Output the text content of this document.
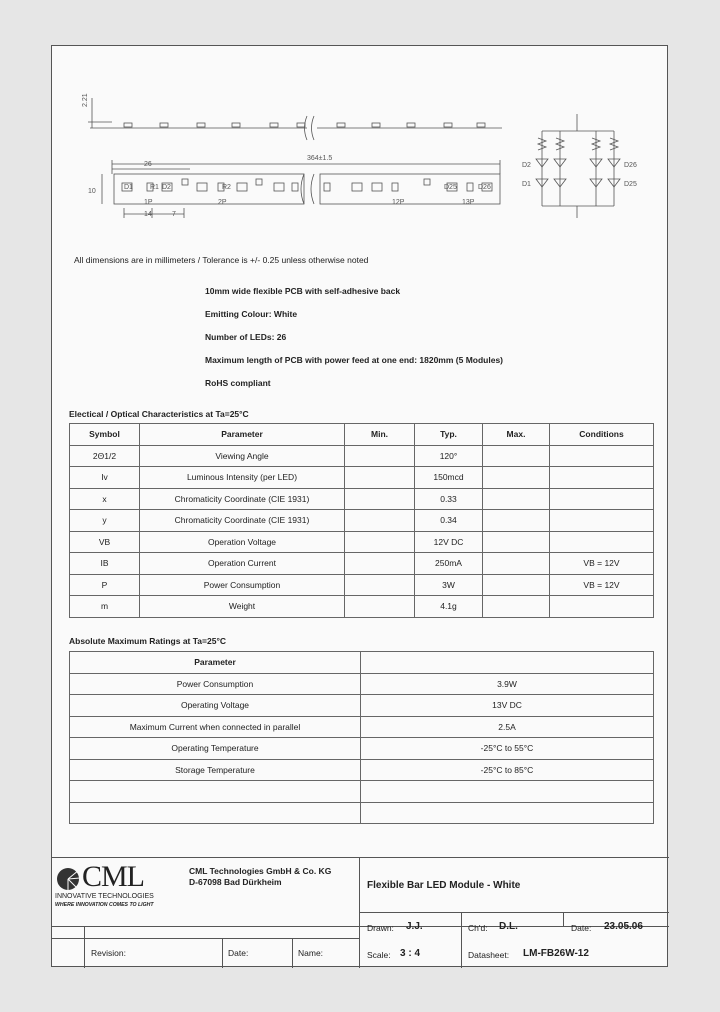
2.21
364±1.5
26
10
14	7
D1 R1 D2	R2	D25	D26
1P	2P	12P	13P
D2
D1
D26
D25
All dimensions are in millimeters / Tolerance is +/- 0.25 unless otherwise noted
10mm wide flexible PCB with self-adhesive back
Emitting Colour: White
Number of LEDs: 26
Maximum length of PCB with power feed at one end: 1820mm (5 Modules)
RoHS compliant
Electical / Optical Characteristics at Ta=25°C
Symbol	Parameter	Min.	Typ.	Max.	Conditions
2Θ1/2	Viewing Angle		120°		
Iv	Luminous Intensity (per LED)		150mcd		
x	Chromaticity Coordinate (CIE 1931)		0.33		
y	Chromaticity Coordinate (CIE 1931)		0.34		
VB	Operation Voltage		12V DC		
IB	Operation Current		250mA		VB = 12V
P	Power Consumption		3W		VB = 12V
m	Weight		4.1g		
Absolute Maximum Ratings at Ta=25°C
Parameter	
Power Consumption	3.9W
Operating Voltage	13V DC
Maximum Current when connected in parallel	2.5A
Operating Temperature	-25°C to 55°C
Storage Temperature	-25°C to 85°C

CML
INNOVATIVE TECHNOLOGIES
WHERE INNOVATION COMES TO LIGHT
CML Technologies GmbH & Co. KG
D-67098 Bad Dürkheim	Flexible Bar LED Module - White
Drawn: J.J.	Ch'd: D.L.	Date: 23.05.06
Revision:	Date:	Name:	Scale: 3 : 4	Datasheet: LM-FB26W-12
